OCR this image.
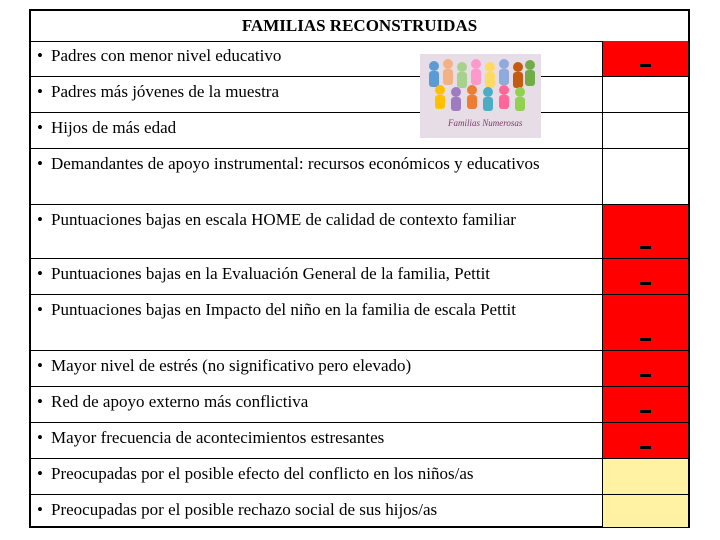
FAMILIAS RECONSTRUIDAS
• Padres con menor nivel educativo
• Padres más jóvenes de la muestra
• Hijos de más edad
• Demandantes de apoyo instrumental: recursos económicos y educativos
• Puntuaciones bajas en escala HOME de calidad de contexto familiar
• Puntuaciones bajas en la Evaluación General de la familia, Pettit
• Puntuaciones bajas en Impacto del niño en la familia de escala Pettit
• Mayor nivel de estrés (no significativo pero elevado)
• Red de apoyo externo más conflictiva
• Mayor frecuencia de acontecimientos estresantes
• Preocupadas por el posible efecto del conflicto en los niños/as
• Preocupadas por el posible rechazo social de sus hijos/as
Familias Numerosas
